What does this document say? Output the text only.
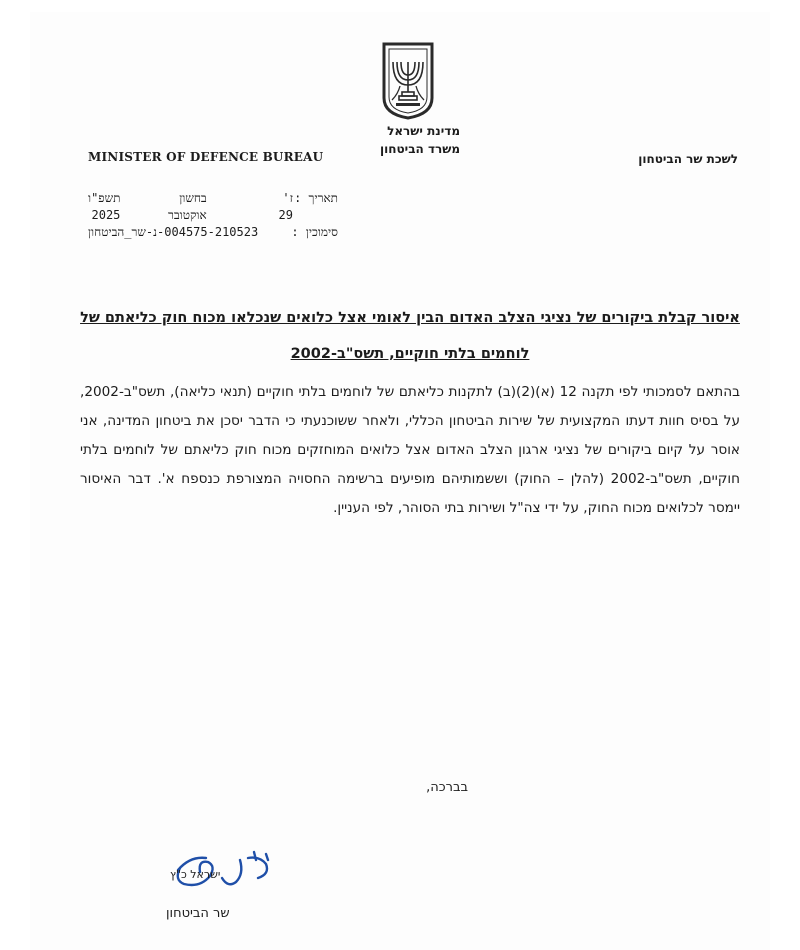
מדינת ישראל
משרד הביטחון
MINISTER OF DEFENCE BUREAU	לשכת שר הביטחון
תאריך :

סימוכין :
ז'
29
בחשון
אוקטובר
תשפ"ו
2025
004575-210523-נ-שר_הביטחון
איסור קבלת ביקורים של נציגי הצלב האדום הבין לאומי אצל כלואים שנכלאו מכוח חוק כליאתם של
לוחמים בלתי חוקיים, תשס"ב-2002
בהתאם לסמכותי לפי תקנה 12 (א)(2)(ב) לתקנות כליאתם של לוחמים בלתי חוקיים (תנאי כליאה), תשס"ב-2002, על בסיס חוות דעתו המקצועית של שירות הביטחון הכללי, ולאחר ששוכנעתי כי הדבר יסכן את ביטחון המדינה, אני אוסר על קיום ביקורים של נציגי ארגון הצלב האדום אצל כלואים המוחזקים מכוח חוק כליאתם של לוחמים בלתי חוקיים, תשס"ב-2002 (להלן – החוק) וששמותיהם מופיעים ברשימה החסויה המצורפת כנספח א'. דבר האיסור יימסר לכלואים מכוח החוק, על ידי צה"ל ושירות בתי הסוהר, לפי העניין.
בברכה,
ישראל כ"ץ
שר הביטחון
